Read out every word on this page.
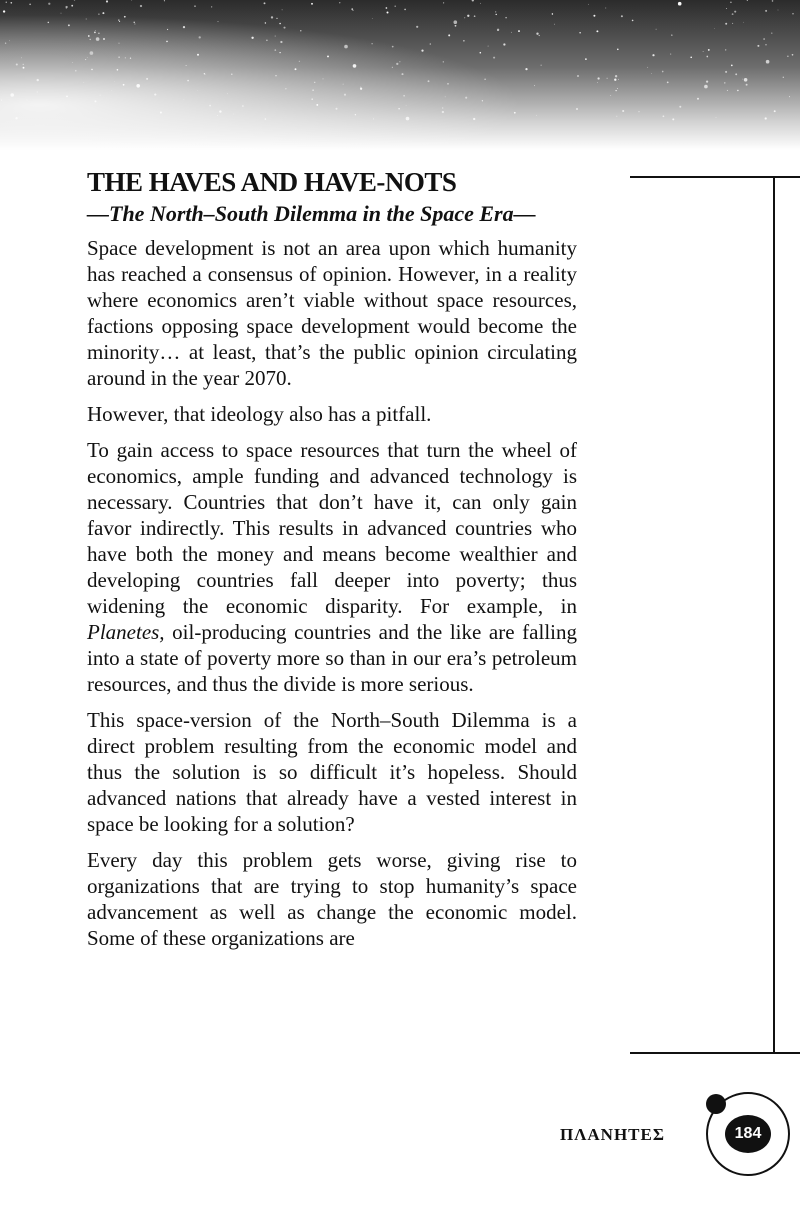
THE HAVES AND HAVE-NOTS
—The North–South Dilemma in the Space Era—

Space development is not an area upon which humanity has reached a consensus of opinion. However, in a reality where economics aren’t viable without space resources, factions opposing space development would become the minority… at least, that’s the public opinion circulating around in the year 2070.

However, that ideology also has a pitfall.

To gain access to space resources that turn the wheel of economics, ample funding and advanced technology is necessary. Countries that don’t have it, can only gain favor indirectly. This results in advanced countries who have both the money and means become wealthier and developing countries fall deeper into poverty; thus widening the economic disparity. For example, in Planetes, oil-producing countries and the like are falling into a state of poverty more so than in our era’s petroleum resources, and thus the divide is more serious.

This space-version of the North–South Dilemma is a direct problem resulting from the economic model and thus the solution is so difficult it’s hopeless. Should advanced nations that already have a vested interest in space be looking for a solution?

Every day this problem gets worse, giving rise to organizations that are trying to stop humanity’s space advancement as well as change the economic model. Some of these organizations are

ΠΛΑΝΗΤΕΣ	184
